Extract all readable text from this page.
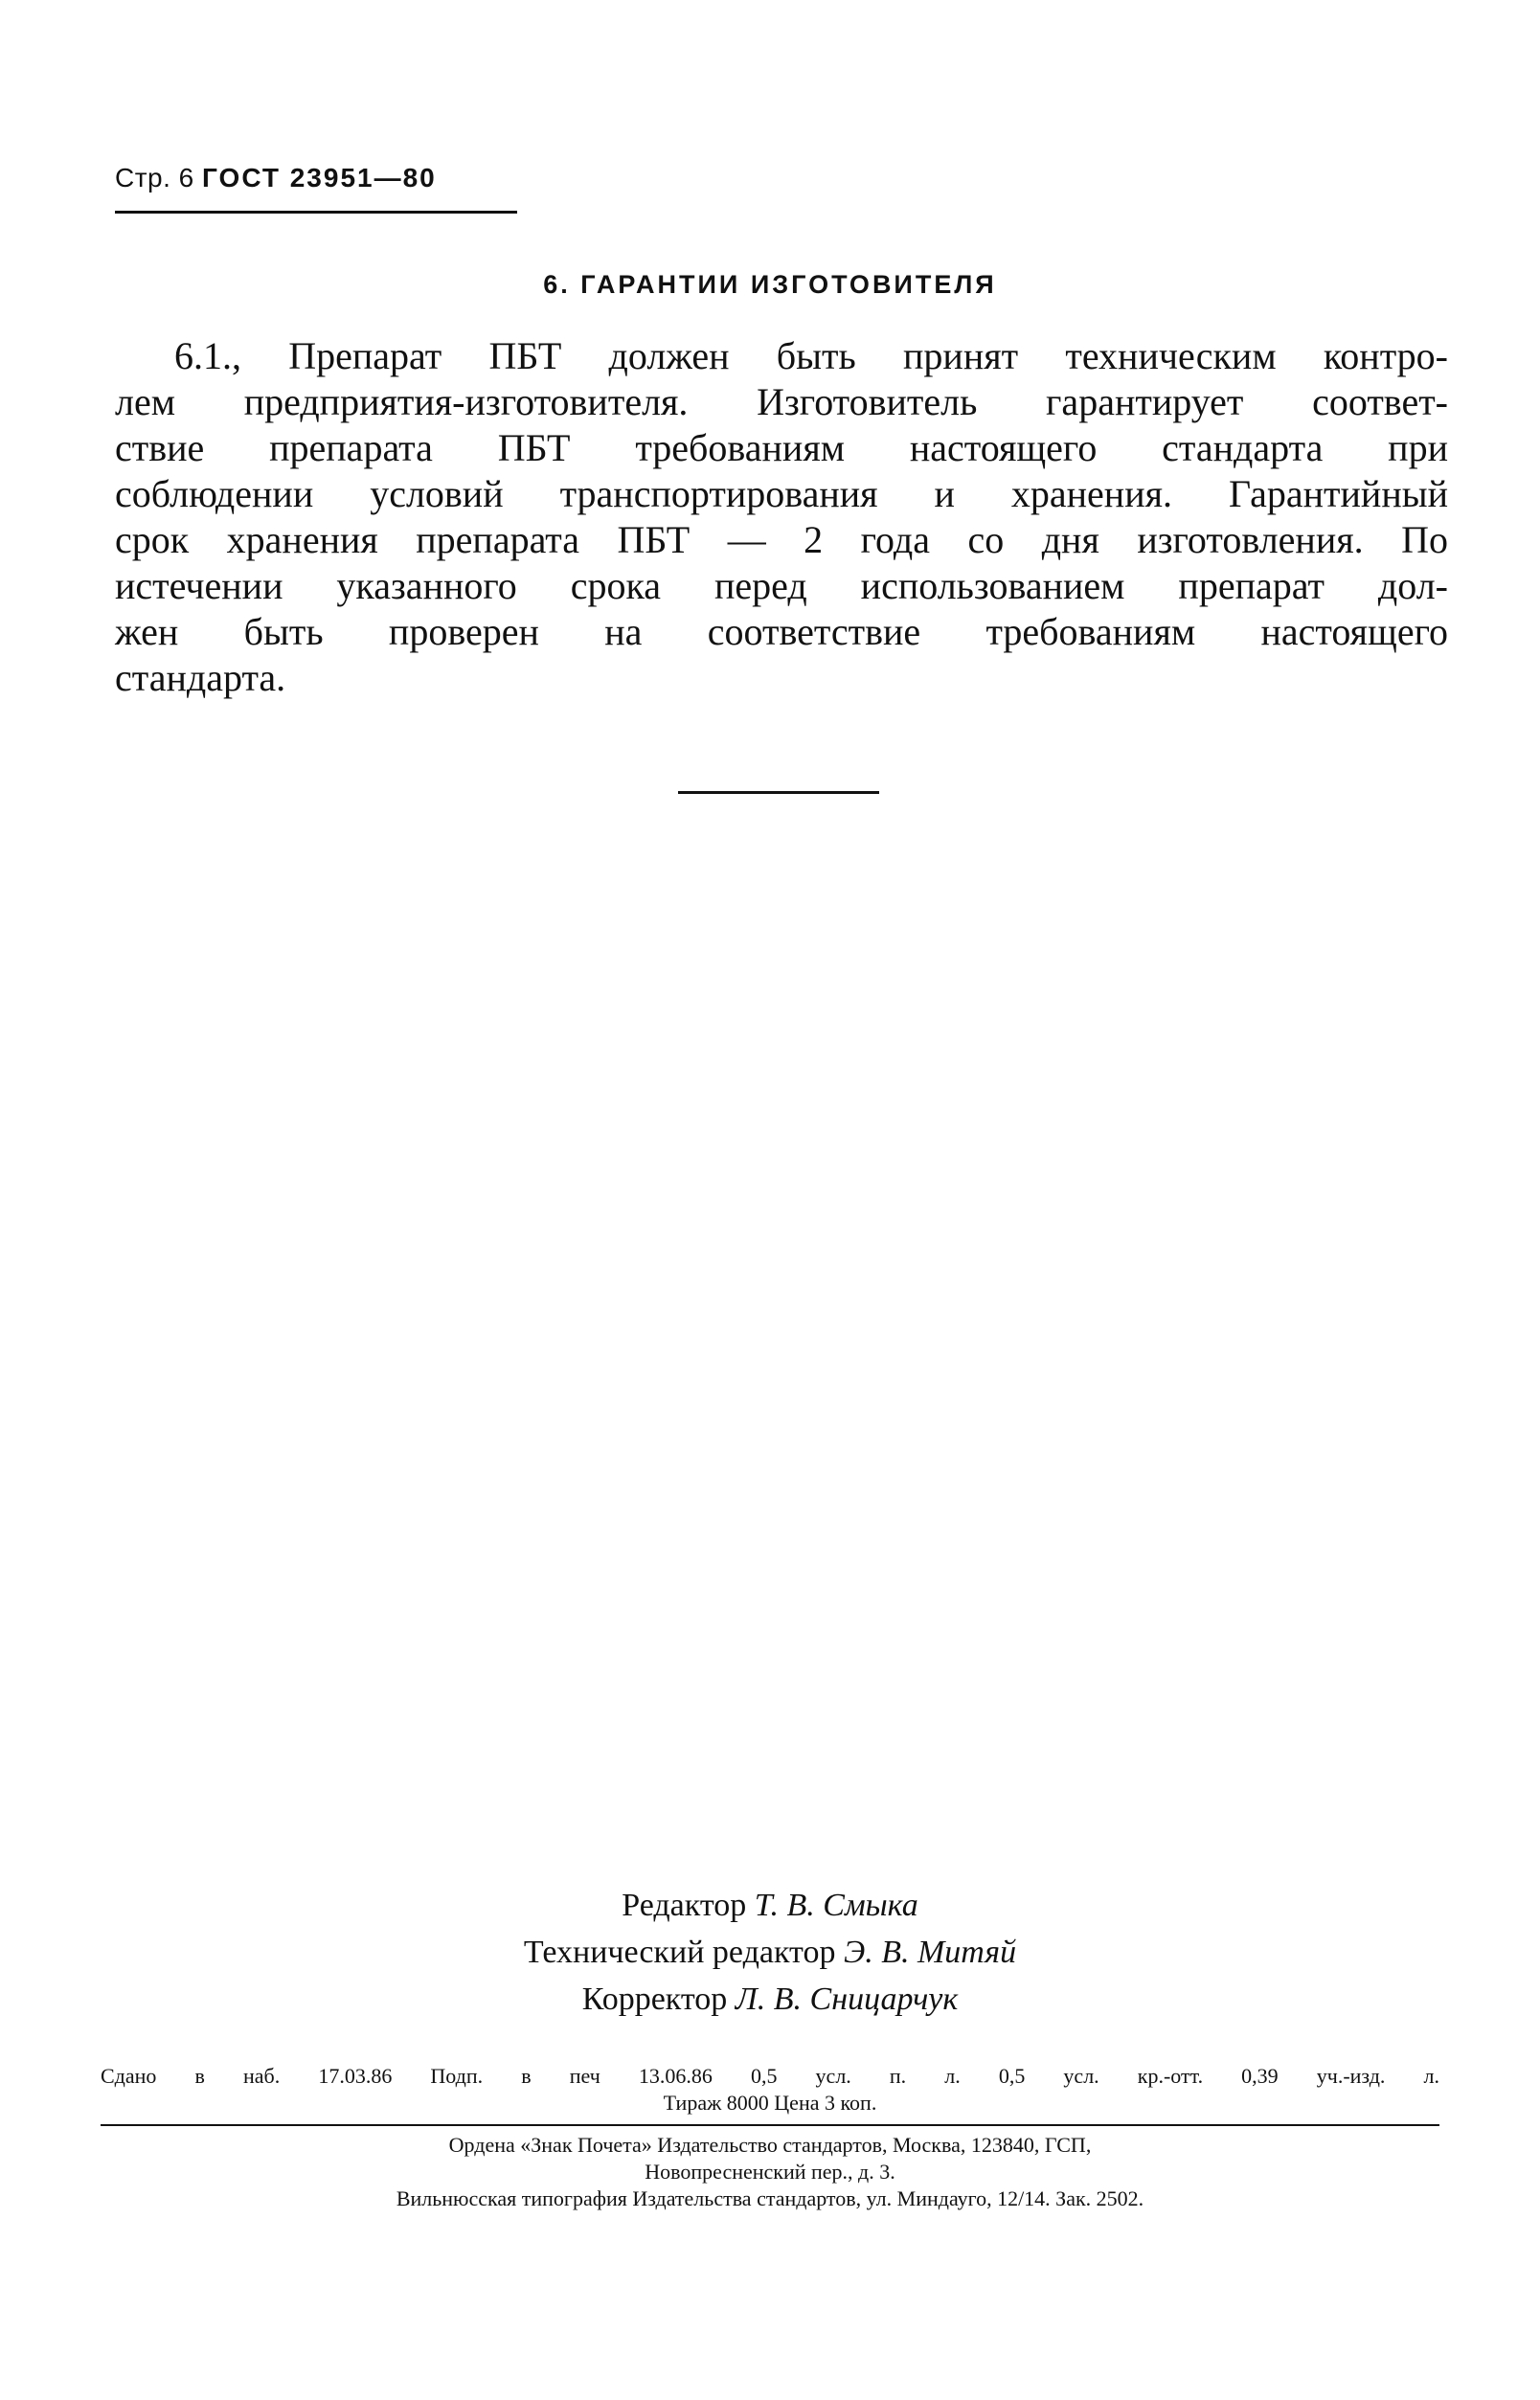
Стр. 6 ГОСТ 23951—80
6. ГАРАНТИИ ИЗГОТОВИТЕЛЯ
6.1., Препарат ПБТ должен быть принят техническим контро-
лем предприятия-изготовителя. Изготовитель гарантирует соответ-
ствие препарата ПБТ требованиям настоящего стандарта при
соблюдении условий транспортирования и хранения. Гарантийный
срок хранения препарата ПБТ — 2 года со дня изготовления. По
истечении указанного срока перед использованием препарат дол-
жен быть проверен на соответствие требованиям настоящего
стандарта.
Редактор Т. В. Смыка
Технический редактор Э. В. Митяй
Корректор Л. В. Сницарчук
Сдано в наб. 17.03.86 Подп. в печ 13.06.86 0,5 усл. п. л. 0,5 усл. кр.-отт. 0,39 уч.-изд. л.
Тираж 8000 Цена 3 коп.
Ордена «Знак Почета» Издательство стандартов, Москва, 123840, ГСП,
Новопресненский пер., д. 3.
Вильнюсская типография Издательства стандартов, ул. Миндауго, 12/14. Зак. 2502.
